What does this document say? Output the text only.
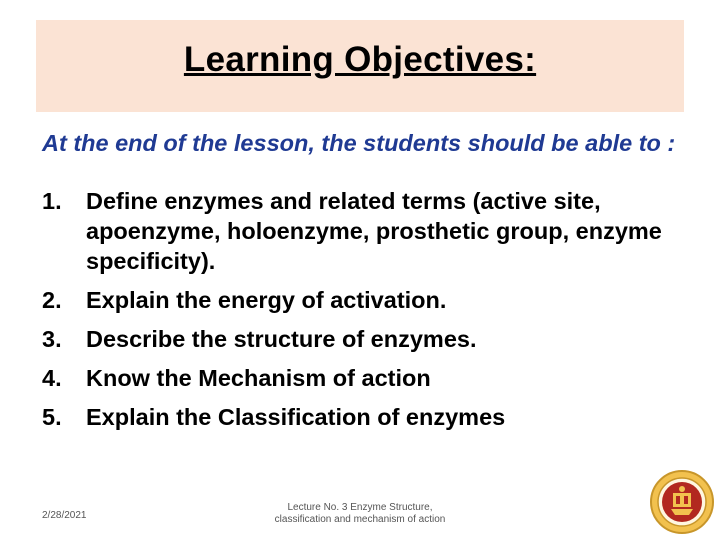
Learning Objectives:
At the end of the lesson, the students should be able to :
1.	Define enzymes and related terms (active site, apoenzyme, holoenzyme, prosthetic group, enzyme specificity).
2.	Explain the energy of activation.
3.	Describe the structure of enzymes.
4.	Know the Mechanism of action
5.	Explain the Classification of enzymes
2/28/2021
Lecture No. 3 Enzyme Structure,
classification and mechanism of action
